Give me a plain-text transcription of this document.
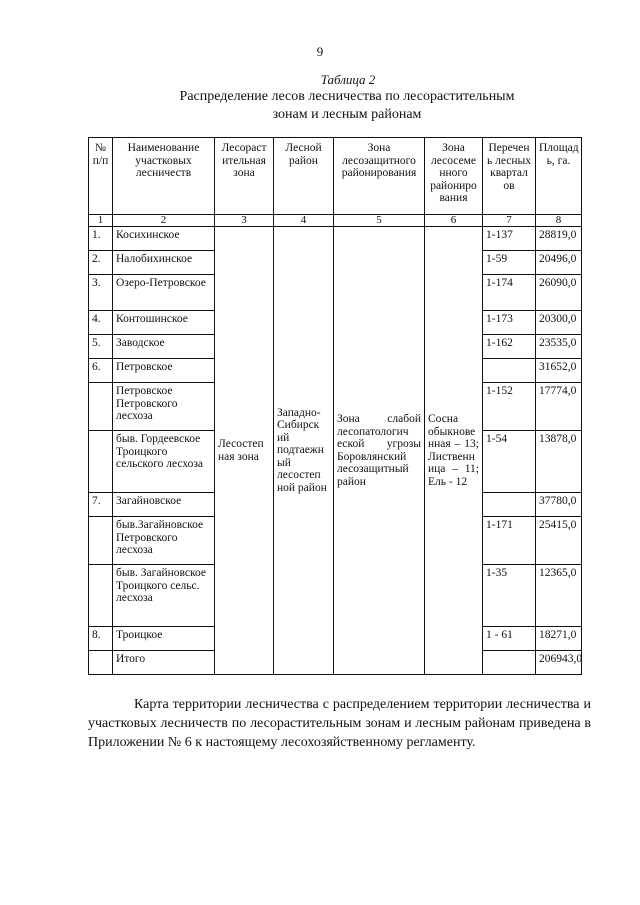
9
Таблица 2
Распределение лесов лесничества по лесорастительным
зонам и лесным районам
№ п/п	Наименование участковых лесничеств	Лесораст ительная зона	Лесной район	Зона лесозащитного районирования	Зона лесосеме нного райониро вания	Перечен ь лесных квартал ов	Площад ь, га.
1	2	3	4	5	6	7	8
1.	Косихинское	Лесостеп ная зона	Западно-Сибирск ий подтаежн ый лесостеп ной район	Зона слабой лесопатологич еской угрозы Боровлянский лесозащитный район	Сосна обыкнове нная – 13; Лиственн ица – 11; Ель - 12	1-137	28819,0
2.	Налобихинское					1-59	20496,0
3.	Озеро-Петровское					1-174	26090,0
4.	Контошинское					1-173	20300,0
5.	Заводское					1-162	23535,0
6.	Петровское						31652,0
	Петровское Петровского лесхоза					1-152	17774,0
	быв. Гордеевское Троицкого сельского лесхоза					1-54	13878,0
7.	Загайновское						37780,0
	быв.Загайновское Петровского лесхоза					1-171	25415,0
	быв. Загайновское Троицкого сельс. лесхоза					1-35	12365,0
8.	Троицкое					1 - 61	18271,0
	Итого						206943,0
Карта территории лесничества с распределением территории лесничества и участковых лесничеств по лесорастительным зонам и лесным районам приведена в Приложении № 6 к настоящему лесохозяйственному регламенту.
